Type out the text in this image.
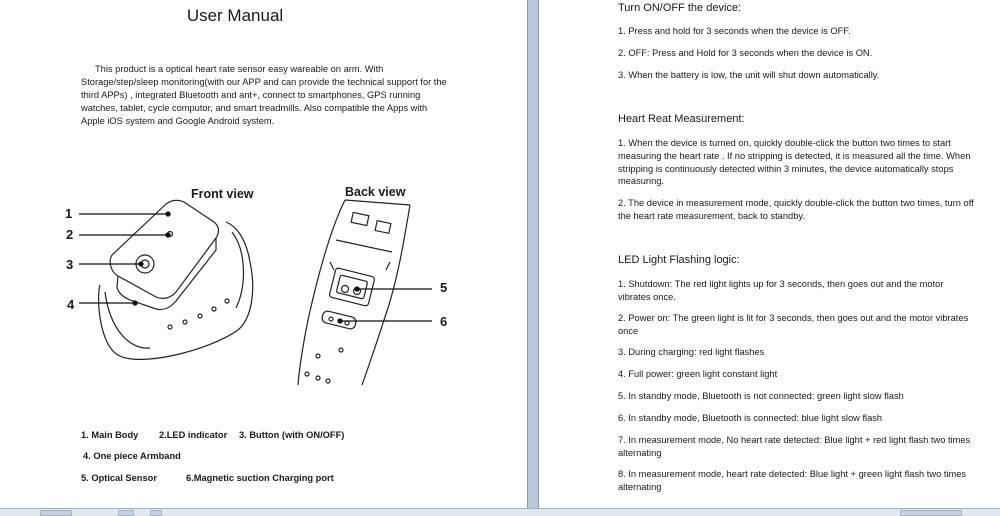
User Manual
This product is a optical heart rate sensor easy wareable on arm. With Storage/step/sleep monitoring(with our APP and can provide the technical support for the third APPs) , integrated Bluetooth and ant+, connect to smartphones, GPS running watches, tablet, cycle computor, and smart treadmills. Also compatible the Apps with Apple iOS system and Google Android system.
Front view	Back view
1
2
3
4
5
6
1. Main Body 2.LED indicator 3. Button (with ON/OFF)
4. One piece Armband
5. Optical Sensor	6.Magnetic suction Charging port
Turn ON/OFF the device:
1. Press and hold for 3 seconds when the device is OFF.
2. OFF: Press and Hold for 3 seconds when the device is ON.
3. When the battery is low, the unit will shut down automatically.
Heart Reat Measurement:
1. When the device is turned on, quickly double-click the button two times to start measuring the heart rate . If no stripping is detected, it is measured all the time. When stripping is continuously detected within 3 minutes, the device automatically stops measuring.
2. The device in measurement mode, quickly double-click the button two times, turn off the heart rate measurement, back to standby.
LED Light Flashing logic:
1. Shutdown: The red light lights up for 3 seconds, then goes out and the motor vibrates once.
2. Power on: The green light is lit for 3 seconds, then goes out and the motor vibrates once
3. During charging: red light flashes
4. Full power: green light constant light
5. In standby mode, Bluetooth is not connected: green light slow flash
6. In standby mode, Bluetooth is connected: blue light slow flash
7. In measurement mode, No heart rate detected: Blue light + red light flash two times alternating
8. In measurement mode, heart rate detected: Blue light + green light flash two times alternating
